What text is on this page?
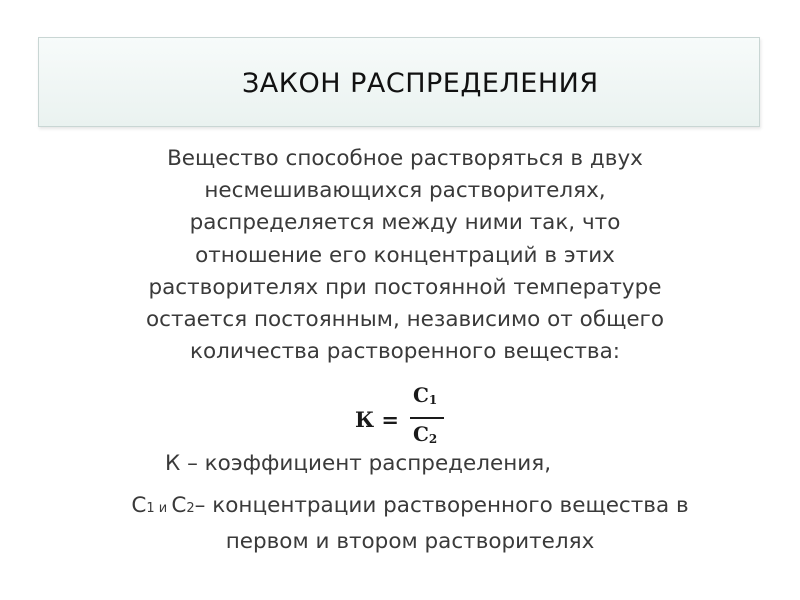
ЗАКОН РАСПРЕДЕЛЕНИЯ
Вещество способное растворяться в двух
несмешивающихся растворителях,
распределяется между ними так, что
отношение его концентраций в этих
растворителях при постоянной температуре
остается постоянным, независимо от общего
количества растворенного вещества:
К =
$С_1$
$С_2$
К – коэффициент распределения,
С1 и С2– концентрации растворенного вещества в
первом и втором растворителях
